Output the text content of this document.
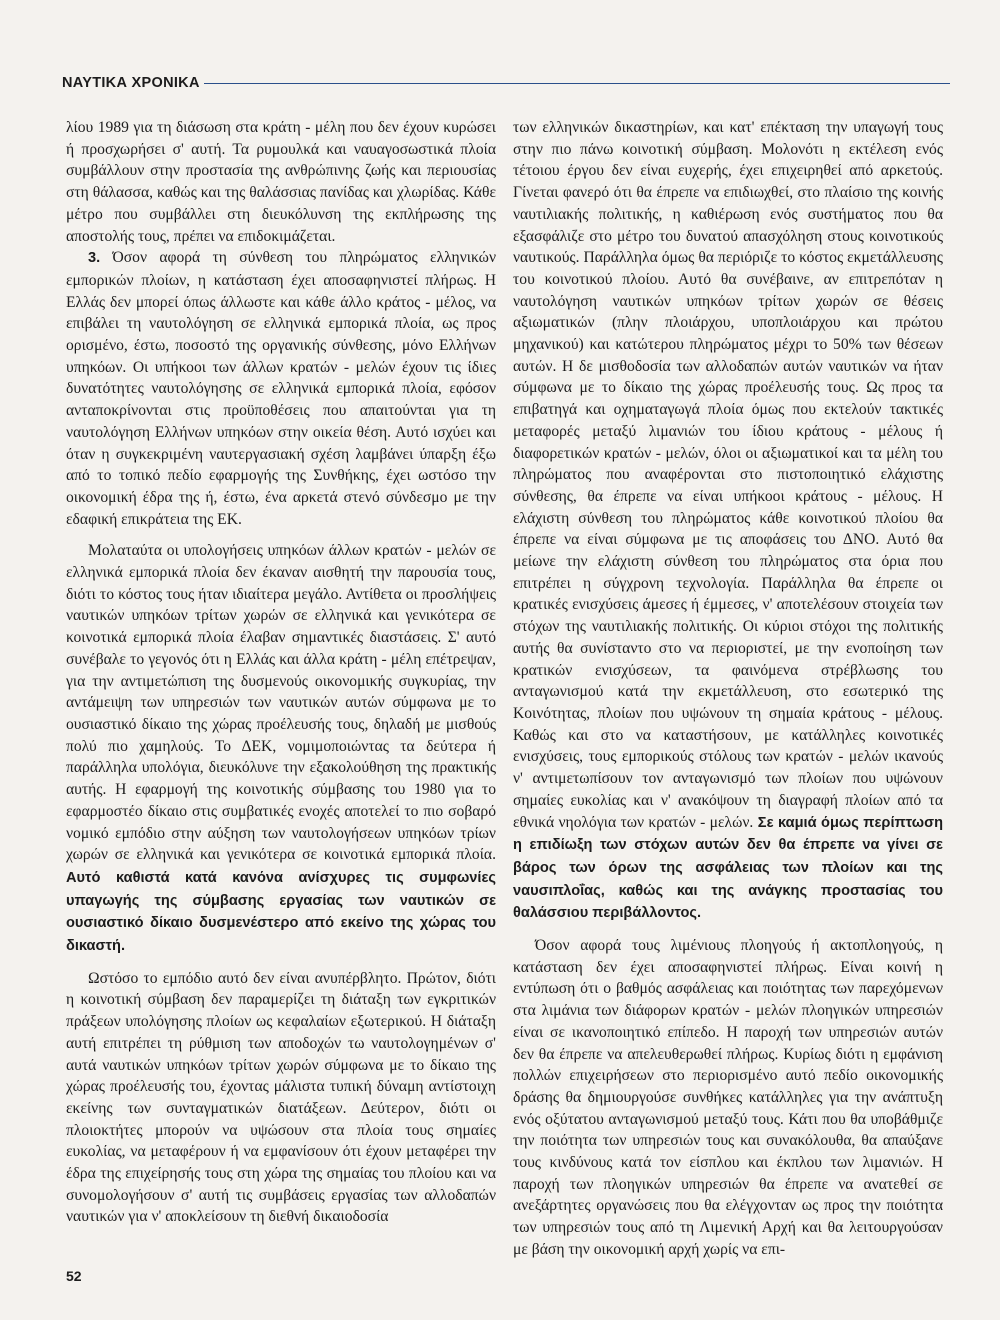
ΝΑΥΤΙΚΑ ΧΡΟΝΙΚΑ

λίου 1989 για τη διάσωση στα κράτη - μέλη που δεν έχουν κυρώσει ή προσχωρήσει σ' αυτή. Τα ρυμουλκά και ναυαγοσωστικά πλοία συμβάλλουν στην προστασία της ανθρώπινης ζωής και περιουσίας στη θάλασσα, καθώς και της θαλάσσιας πανίδας και χλωρίδας. Κάθε μέτρο που συμβάλλει στη διευκόλυνση της εκπλήρωσης της αποστολής τους, πρέπει να επιδοκιμάζεται.

3. Όσον αφορά τη σύνθεση του πληρώματος ελληνικών εμπορικών πλοίων, η κατάσταση έχει αποσαφηνιστεί πλήρως. Η Ελλάς δεν μπορεί όπως άλλωστε και κάθε άλλο κράτος - μέλος, να επιβάλει τη ναυτολόγηση σε ελληνικά εμπορικά πλοία, ως προς ορισμένο, έστω, ποσοστό της οργανικής σύνθεσης, μόνο Ελλήνων υπηκόων. Οι υπήκοοι των άλλων κρατών - μελών έχουν τις ίδιες δυνατότητες ναυτολόγησης σε ελληνικά εμπορικά πλοία, εφόσον ανταποκρίνονται στις προϋποθέσεις που απαιτούνται για τη ναυτολόγηση Ελλήνων υπηκόων στην οικεία θέση. Αυτό ισχύει και όταν η συγκεκριμένη ναυτεργασιακή σχέση λαμβάνει ύπαρξη έξω από το τοπικό πεδίο εφαρμογής της Συνθήκης, έχει ωστόσο την οικονομική έδρα της ή, έστω, ένα αρκετά στενό σύνδεσμο με την εδαφική επικράτεια της ΕΚ.

Μολαταύτα οι υπολογήσεις υπηκόων άλλων κρατών - μελών σε ελληνικά εμπορικά πλοία δεν έκαναν αισθητή την παρουσία τους, διότι το κόστος τους ήταν ιδιαίτερα μεγάλο. Αντίθετα οι προσλήψεις ναυτικών υπηκόων τρίτων χωρών σε ελληνικά και γενικότερα σε κοινοτικά εμπορικά πλοία έλαβαν σημαντικές διαστάσεις. Σ' αυτό συνέβαλε το γεγονός ότι η Ελλάς και άλλα κράτη - μέλη επέτρεψαν, για την αντιμετώπιση της δυσμενούς οικονομικής συγκυρίας, την αντάμειψη των υπηρεσιών των ναυτικών αυτών σύμφωνα με το ουσιαστικό δίκαιο της χώρας προέλευσής τους, δηλαδή με μισθούς πολύ πιο χαμηλούς. Το ΔΕΚ, νομιμοποιώντας τα δεύτερα ή παράλληλα υπολόγια, διευκόλυνε την εξακολούθηση της πρακτικής αυτής. Η εφαρμογή της κοινοτικής σύμβασης του 1980 για το εφαρμοστέο δίκαιο στις συμβατικές ενοχές αποτελεί το πιο σοβαρό νομικό εμπόδιο στην αύξηση των ναυτολογήσεων υπηκόων τρίων χωρών σε ελληνικά και γενικότερα σε κοινοτικά εμπορικά πλοία. Αυτό καθιστά κατά κανόνα ανίσχυρες τις συμφωνίες υπαγωγής της σύμβασης εργασίας των ναυτικών σε ουσιαστικό δίκαιο δυσμενέστερο από εκείνο της χώρας του δικαστή.

Ωστόσο το εμπόδιο αυτό δεν είναι ανυπέρβλητο. Πρώτον, διότι η κοινοτική σύμβαση δεν παραμερίζει τη διάταξη των εγκριτικών πράξεων υπολόγησης πλοίων ως κεφαλαίων εξωτερικού. Η διάταξη αυτή επιτρέπει τη ρύθμιση των αποδοχών τω ναυτολογημένων σ' αυτά ναυτικών υπηκόων τρίτων χωρών σύμφωνα με το δίκαιο της χώρας προέλευσής του, έχοντας μάλιστα τυπική δύναμη αντίστοιχη εκείνης των συνταγματικών διατάξεων. Δεύτερον, διότι οι πλοιοκτήτες μπορούν να υψώσουν στα πλοία τους σημαίες ευκολίας, να μεταφέρουν ή να εμφανίσουν ότι έχουν μεταφέρει την έδρα της επιχείρησής τους στη χώρα της σημαίας του πλοίου και να συνομολογήσουν σ' αυτή τις συμβάσεις εργασίας των αλλοδαπών ναυτικών για ν' αποκλείσουν τη διεθνή δικαιοδοσία

των ελληνικών δικαστηρίων, και κατ' επέκταση την υπαγωγή τους στην πιο πάνω κοινοτική σύμβαση. Μολονότι η εκτέλεση ενός τέτοιου έργου δεν είναι ευχερής, έχει επιχειρηθεί από αρκετούς. Γίνεται φανερό ότι θα έπρεπε να επιδιωχθεί, στο πλαίσιο της κοινής ναυτιλιακής πολιτικής, η καθιέρωση ενός συστήματος που θα εξασφάλιζε στο μέτρο του δυνατού απασχόληση στους κοινοτικούς ναυτικούς. Παράλληλα όμως θα περιόριζε το κόστος εκμετάλλευσης του κοινοτικού πλοίου. Αυτό θα συνέβαινε, αν επιτρεπόταν η ναυτολόγηση ναυτικών υπηκόων τρίτων χωρών σε θέσεις αξιωματικών (πλην πλοιάρχου, υποπλοιάρχου και πρώτου μηχανικού) και κατώτερου πληρώματος μέχρι το 50% των θέσεων αυτών. Η δε μισθοδοσία των αλλοδαπών αυτών ναυτικών να ήταν σύμφωνα με το δίκαιο της χώρας προέλευσής τους. Ως προς τα επιβατηγά και οχηματαγωγά πλοία όμως που εκτελούν τακτικές μεταφορές μεταξύ λιμανιών του ίδιου κράτους - μέλους ή διαφορετικών κρατών - μελών, όλοι οι αξιωματικοί και τα μέλη του πληρώματος που αναφέρονται στο πιστοποιητικό ελάχιστης σύνθεσης, θα έπρεπε να είναι υπήκοοι κράτους - μέλους. Η ελάχιστη σύνθεση του πληρώματος κάθε κοινοτικού πλοίου θα έπρεπε να είναι σύμφωνα με τις αποφάσεις του ΔΝΟ. Αυτό θα μείωνε την ελάχιστη σύνθεση του πληρώματος στα όρια που επιτρέπει η σύγχρονη τεχνολογία. Παράλληλα θα έπρεπε οι κρατικές ενισχύσεις άμεσες ή έμμεσες, ν' αποτελέσουν στοιχεία των στόχων της ναυτιλιακής πολιτικής. Οι κύριοι στόχοι της πολιτικής αυτής θα συνίσταντο στο να περιοριστεί, με την ενοποίηση των κρατικών ενισχύσεων, τα φαινόμενα στρέβλωσης του ανταγωνισμού κατά την εκμετάλλευση, στο εσωτερικό της Κοινότητας, πλοίων που υψώνουν τη σημαία κράτους - μέλους. Καθώς και στο να καταστήσουν, με κατάλληλες κοινοτικές ενισχύσεις, τους εμπορικούς στόλους των κρατών - μελών ικανούς ν' αντιμετωπίσουν τον ανταγωνισμό των πλοίων που υψώνουν σημαίες ευκολίας και ν' ανακόψουν τη διαγραφή πλοίων από τα εθνικά νηολόγια των κρατών - μελών. Σε καμιά όμως περίπτωση η επιδίωξη των στόχων αυτών δεν θα έπρεπε να γίνει σε βάρος των όρων της ασφάλειας των πλοίων και της ναυσιπλοΐας, καθώς και της ανάγκης προστασίας του θαλάσσιου περιβάλλοντος.

Όσον αφορά τους λιμένιους πλοηγούς ή ακτοπλοηγούς, η κατάσταση δεν έχει αποσαφηνιστεί πλήρως. Είναι κοινή η εντύπωση ότι ο βαθμός ασφάλειας και ποιότητας των παρεχόμενων στα λιμάνια των διάφορων κρατών - μελών πλοηγικών υπηρεσιών είναι σε ικανοποιητικό επίπεδο. Η παροχή των υπηρεσιών αυτών δεν θα έπρεπε να απελευθερωθεί πλήρως. Κυρίως διότι η εμφάνιση πολλών επιχειρήσεων στο περιορισμένο αυτό πεδίο οικονομικής δράσης θα δημιουργούσε συνθήκες κατάλληλες για την ανάπτυξη ενός οξύτατου ανταγωνισμού μεταξύ τους. Κάτι που θα υποβάθμιζε την ποιότητα των υπηρεσιών τους και συνακόλουθα, θα απαύξανε τους κινδύνους κατά τον είσπλου και έκπλου των λιμανιών. Η παροχή των πλοηγικών υπηρεσιών θα έπρεπε να ανατεθεί σε ανεξάρτητες οργανώσεις που θα ελέγχονταν ως προς την ποιότητα των υπηρεσιών τους από τη Λιμενική Αρχή και θα λειτουργούσαν με βάση την οικονομική αρχή χωρίς να επι-

52
